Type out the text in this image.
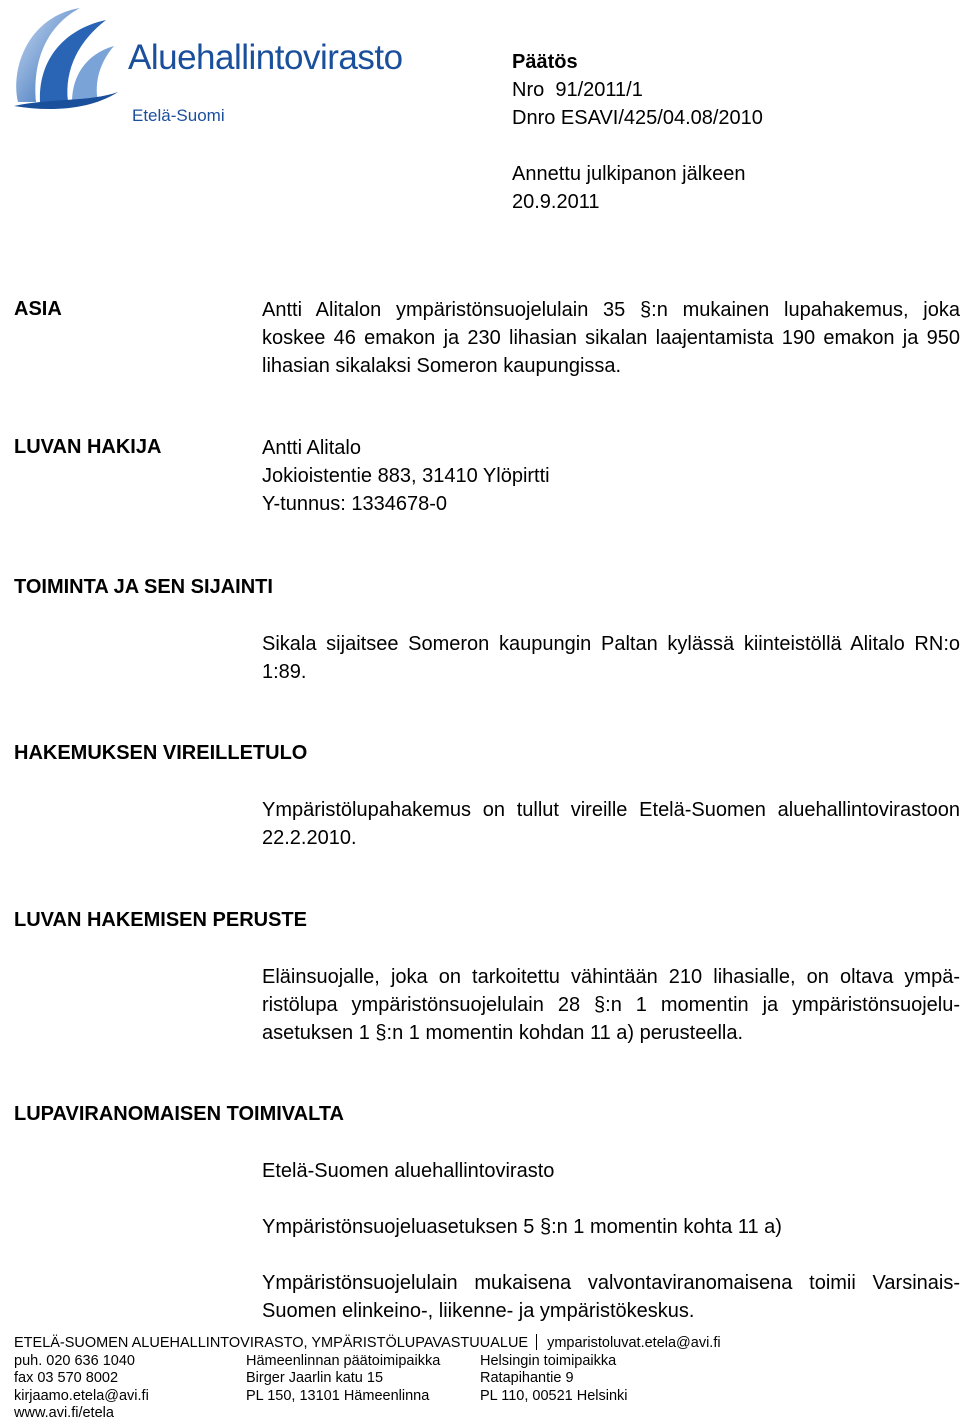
Aluehallintovirasto
Etelä-Suomi
Päätös
Nro  91/2011/1
Dnro ESAVI/425/04.08/2010
Annettu julkipanon jälkeen
20.9.2011
ASIA	Antti Alitalon ympäristönsuojelulain 35 §:n mukainen lupahakemus, joka koskee 46 emakon ja 230 lihasian sikalan laajentamista 190 emakon ja 950 lihasian sikalaksi Someron kaupungissa.

LUVAN HAKIJA	Antti Alitalo

Jokioistentie 883, 31410 Ylöpirtti

Y-tunnus: 1334678-0

TOIMINTA JA SEN SIJAINTI

Sikala sijaitsee Someron kaupungin Paltan kylässä kiinteistöllä Alitalo RN:o 1:89.

HAKEMUKSEN VIREILLETULO

Ympäristölupahakemus on tullut vireille Etelä-Suomen aluehallintovirastoon 22.2.2010.

LUVAN HAKEMISEN PERUSTE

Eläinsuojalle, joka on tarkoitettu vähintään 210 lihasialle, on oltava ympäristölupa ympäristönsuojelulain 28 §:n 1 momentin ja ympäristönsuojeluasetuksen 1 §:n 1 momentin kohdan 11 a) perusteella.

LUPAVIRANOMAISEN TOIMIVALTA

Etelä-Suomen aluehallintovirasto

Ympäristönsuojeluasetuksen 5 §:n 1 momentin kohta 11 a)

Ympäristönsuojelulain mukaisena valvontaviranomaisena toimii Varsinais-Suomen elinkeino-, liikenne- ja ympäristökeskus.

ETELÄ-SUOMEN ALUEHALLINTOVIRASTO, YMPÄRISTÖLUPAVASTUUALUE ymparistoluvat.etela@avi.fi
puh. 020 636 1040
fax 03 570 8002
kirjaamo.etela@avi.fi
www.avi.fi/etela
Hämeenlinnan päätoimipaikka
Birger Jaarlin katu 15
PL 150, 13101 Hämeenlinna
Helsingin toimipaikka
Ratapihantie 9
PL 110, 00521 Helsinki
